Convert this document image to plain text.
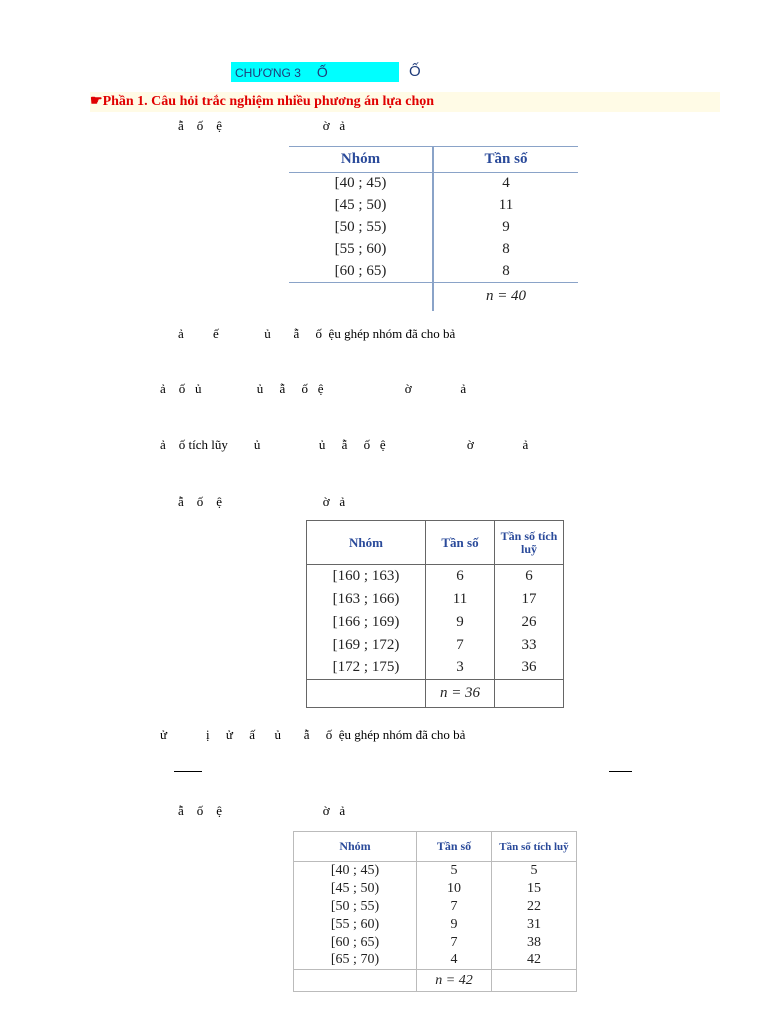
CHƯƠNG 3 Ố	Ố
☛Phần 1. Câu hỏi trắc nghiệm nhiều phương án lựa chọn
ẫ    ố    ệ                               ờ   ả
Nhóm	Tần số
[40 ; 45)	4
[45 ; 50)	11
[50 ; 55)	9
[55 ; 60)	8
[60 ; 65)	8
	n = 40
ả         ế              ủ       ẫ     ố  ệu ghép nhóm đã cho bả
ả    ố   ủ                 ủ     ẫ     ố   ệ                         ờ               ả
ả    ố tích lũy        ủ                  ủ     ẫ     ố   ệ                         ờ               ả
ẫ    ố    ệ                               ờ   ả
Nhóm	Tần số	Tần số tích luỹ
[160 ; 163)	6	6
[163 ; 166)	11	17
[166 ; 169)	9	26
[169 ; 172)	7	33
[172 ; 175)	3	36
	n = 36	
ử            ị     ử     ấ      ủ       ẫ     ố  ệu ghép nhóm đã cho bả
ẫ    ố    ệ                               ờ   ả
Nhóm	Tần số	Tần số tích luỹ
[40 ; 45)	5	5
[45 ; 50)	10	15
[50 ; 55)	7	22
[55 ; 60)	9	31
[60 ; 65)	7	38
[65 ; 70)	4	42
	n = 42	
